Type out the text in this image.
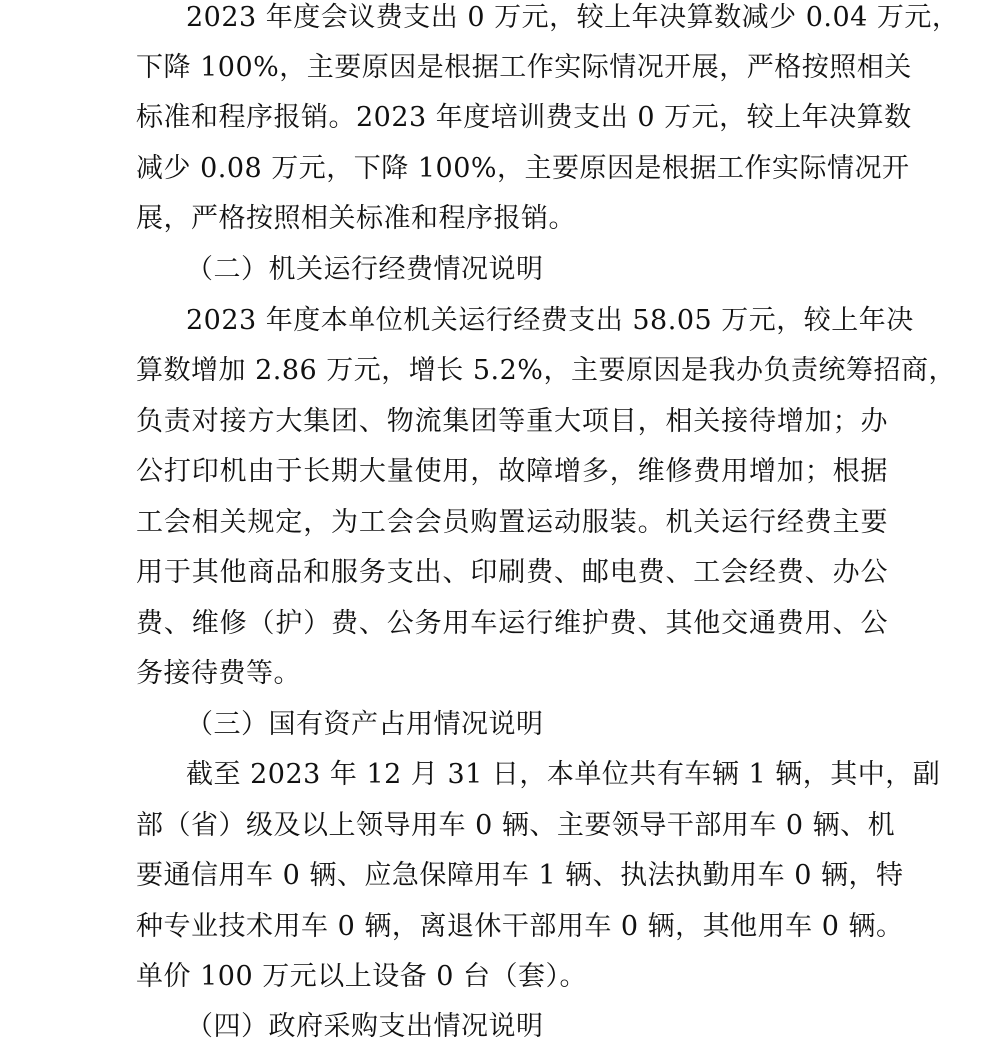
2023 年度会议费支出 0 万元，较上年决算数减少 0.04 万元，
下降 100%，主要原因是根据工作实际情况开展，严格按照相关
标准和程序报销。2023 年度培训费支出 0 万元，较上年决算数
减少 0.08 万元，下降 100%，主要原因是根据工作实际情况开
展，严格按照相关标准和程序报销。
（二）机关运行经费情况说明
2023 年度本单位机关运行经费支出 58.05 万元，较上年决
算数增加 2.86 万元，增长 5.2%，主要原因是我办负责统筹招商，
负责对接方大集团、物流集团等重大项目，相关接待增加；办
公打印机由于长期大量使用，故障增多，维修费用增加；根据
工会相关规定，为工会会员购置运动服装。机关运行经费主要
用于其他商品和服务支出、印刷费、邮电费、工会经费、办公
费、维修（护）费、公务用车运行维护费、其他交通费用、公
务接待费等。
（三）国有资产占用情况说明
截至 2023 年 12 月 31 日，本单位共有车辆 1 辆，其中，副
部（省）级及以上领导用车 0 辆、主要领导干部用车 0 辆、机
要通信用车 0 辆、应急保障用车 1 辆、执法执勤用车 0 辆，特
种专业技术用车 0 辆，离退休干部用车 0 辆，其他用车 0 辆。
单价 100 万元以上设备 0 台（套）。
（四）政府采购支出情况说明
